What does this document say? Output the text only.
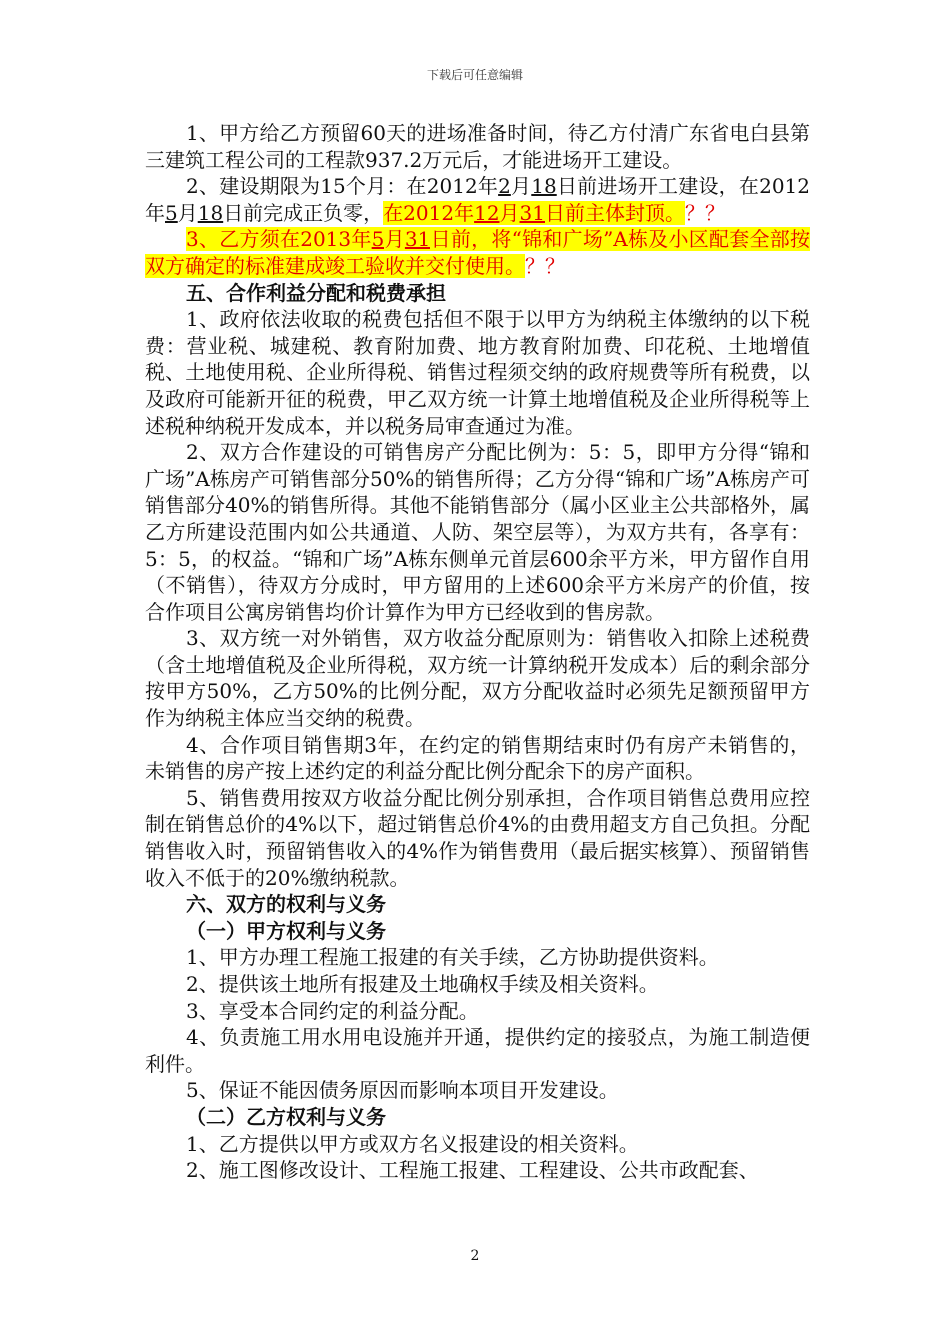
下载后可任意编辑

1、甲方给乙方预留60天的进场准备时间，待乙方付清广东省电白县第三建筑工程公司的工程款937.2万元后，才能进场开工建设。

2、建设期限为15个月：在2012年2月18日前进场开工建设，在2012年5月18日前完成正负零，在2012年12月31日前主体封顶。？？

3、乙方须在2013年5月31日前，将“锦和广场”A栋及小区配套全部按双方确定的标准建成竣工验收并交付使用。？？

五、合作利益分配和税费承担

1、政府依法收取的税费包括但不限于以甲方为纳税主体缴纳的以下税费：营业税、城建税、教育附加费、地方教育附加费、印花税、土地增值税、土地使用税、企业所得税、销售过程须交纳的政府规费等所有税费，以及政府可能新开征的税费，甲乙双方统一计算土地增值税及企业所得税等上述税种纳税开发成本，并以税务局审查通过为准。

2、双方合作建设的可销售房产分配比例为：5：5，即甲方分得“锦和广场”A栋房产可销售部分50%的销售所得；乙方分得“锦和广场”A栋房产可销售部分40%的销售所得。其他不能销售部分（属小区业主公共部格外，属乙方所建设范围内如公共通道、人防、架空层等），为双方共有，各享有：5：5，的权益。“锦和广场”A栋东侧单元首层600余平方米，甲方留作自用（不销售），待双方分成时，甲方留用的上述600余平方米房产的价值，按合作项目公寓房销售均价计算作为甲方已经收到的售房款。

3、双方统一对外销售，双方收益分配原则为：销售收入扣除上述税费（含土地增值税及企业所得税，双方统一计算纳税开发成本）后的剩余部分按甲方50%，乙方50%的比例分配，双方分配收益时必须先足额预留甲方作为纳税主体应当交纳的税费。

4、合作项目销售期3年，在约定的销售期结束时仍有房产未销售的，未销售的房产按上述约定的利益分配比例分配余下的房产面积。

5、销售费用按双方收益分配比例分别承担，合作项目销售总费用应控制在销售总价的4%以下，超过销售总价4%的由费用超支方自己负担。分配销售收入时，预留销售收入的4%作为销售费用（最后据实核算）、预留销售收入不低于的20%缴纳税款。

六、双方的权利与义务

（一）甲方权利与义务

1、甲方办理工程施工报建的有关手续，乙方协助提供资料。

2、提供该土地所有报建及土地确权手续及相关资料。

3、享受本合同约定的利益分配。

4、负责施工用水用电设施并开通，提供约定的接驳点，为施工制造便利件。

5、保证不能因债务原因而影响本项目开发建设。

（二）乙方权利与义务

1、乙方提供以甲方或双方名义报建设的相关资料。

2、施工图修改设计、工程施工报建、工程建设、公共市政配套、

2
